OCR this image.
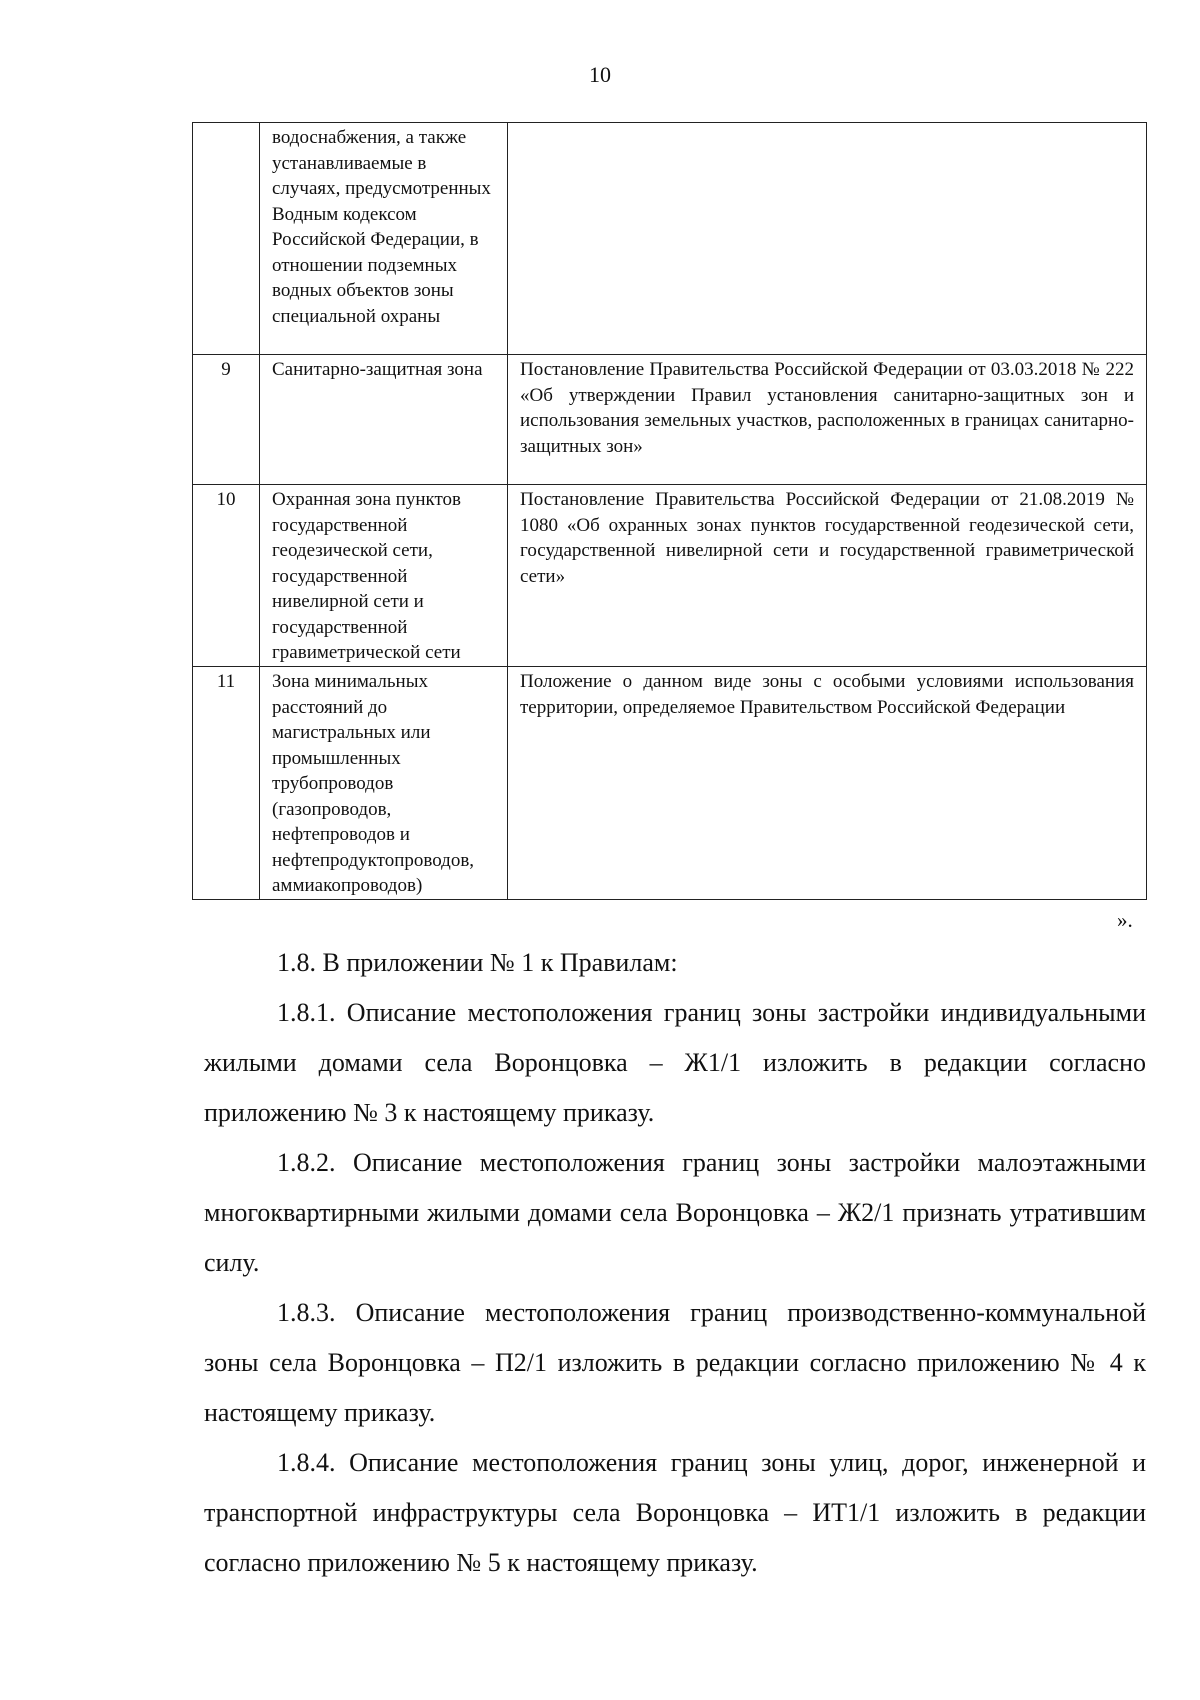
10
	водоснабжения, а также устанавливаемые в случаях, предусмотренных Водным кодексом Российской Федерации, в отношении подземных водных объектов зоны специальной охраны	
9	Санитарно-защитная зона	Постановление Правительства Российской Федерации от 03.03.2018 № 222 «Об утверждении Правил установления санитарно-защитных зон и использования земельных участков, расположенных в границах санитарно-защитных зон»
10	Охранная зона пунктов государственной геодезической сети, государственной нивелирной сети и государственной гравиметрической сети	Постановление Правительства Российской Федерации от 21.08.2019 № 1080 «Об охранных зонах пунктов государственной геодезической сети, государственной нивелирной сети и государственной гравиметрической сети»
11	Зона минимальных расстояний до магистральных или промышленных трубопроводов (газопроводов, нефтепроводов и нефтепродуктопроводов, аммиакопроводов)	Положение о данном виде зоны с особыми условиями использования территории, определяемое Правительством Российской Федерации
».

1.8. В приложении № 1 к Правилам:

1.8.1. Описание местоположения границ зоны застройки индивидуальными жилыми домами села Воронцовка – Ж1/1 изложить в редакции согласно приложению № 3 к настоящему приказу.

1.8.2. Описание местоположения границ зоны застройки малоэтажными многоквартирными жилыми домами села Воронцовка – Ж2/1 признать утратившим силу.

1.8.3. Описание местоположения границ производственно-коммунальной зоны села Воронцовка – П2/1 изложить в редакции согласно приложению № 4 к настоящему приказу.

1.8.4. Описание местоположения границ зоны улиц, дорог, инженерной и транспортной инфраструктуры села Воронцовка – ИТ1/1 изложить в редакции согласно приложению № 5 к настоящему приказу.
